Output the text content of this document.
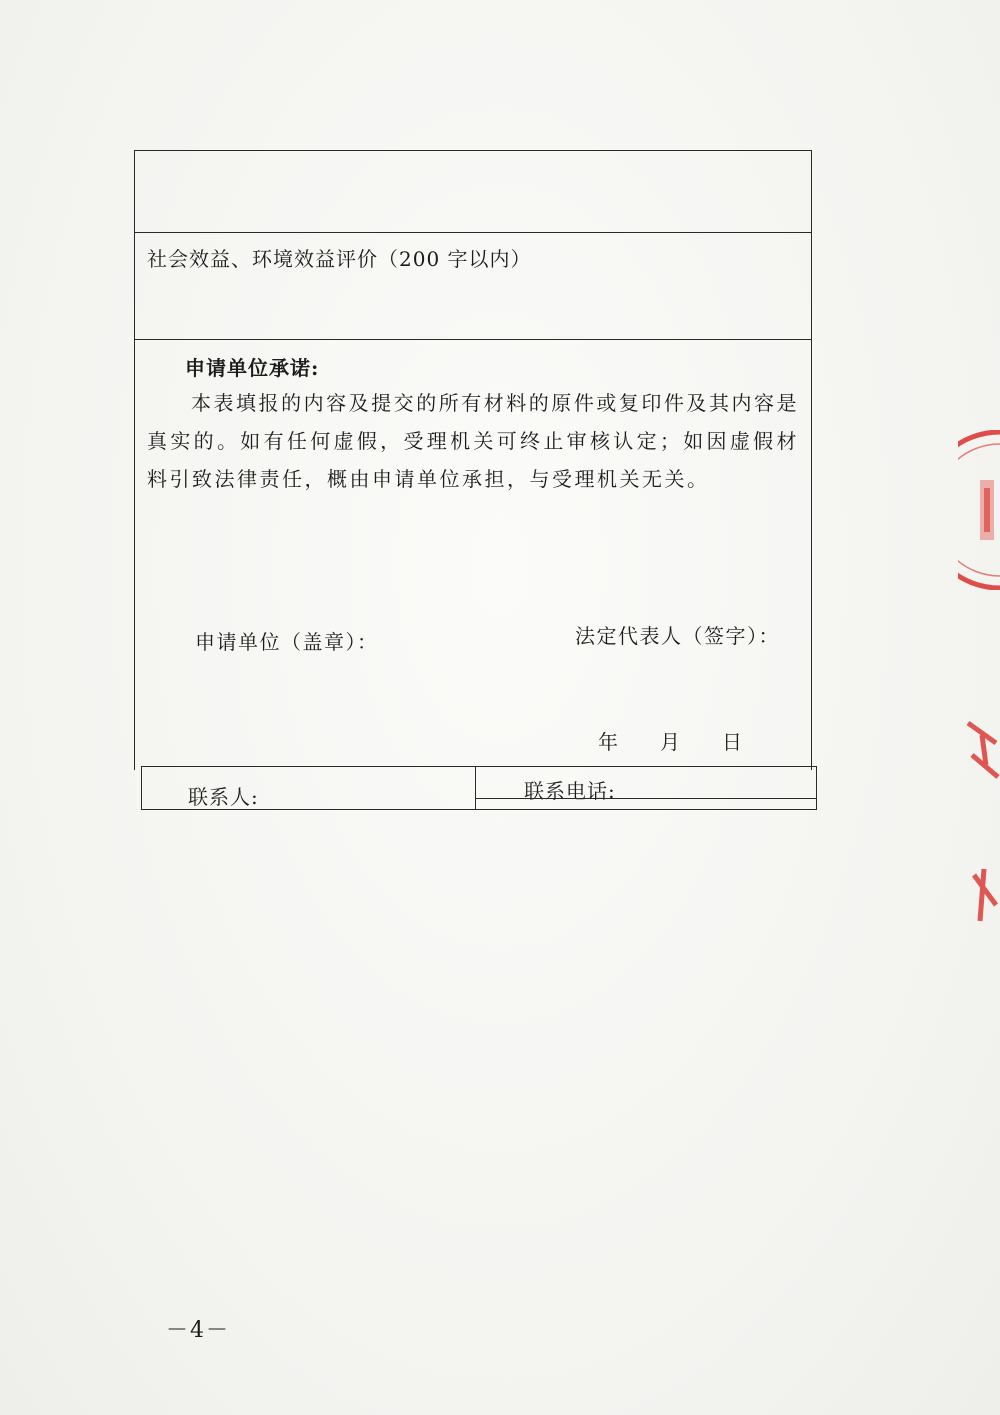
社会效益、环境效益评价（200 字以内）
申请单位承诺:
本表填报的内容及提交的所有材料的原件或复印件及其内容是真实的。如有任何虚假，受理机关可终止审核认定；如因虚假材料引致法律责任，概由申请单位承担，与受理机关无关。
申请单位（盖章）：	法定代表人（签字）：
年 月 日
联系人:	联系电话:
－4－
